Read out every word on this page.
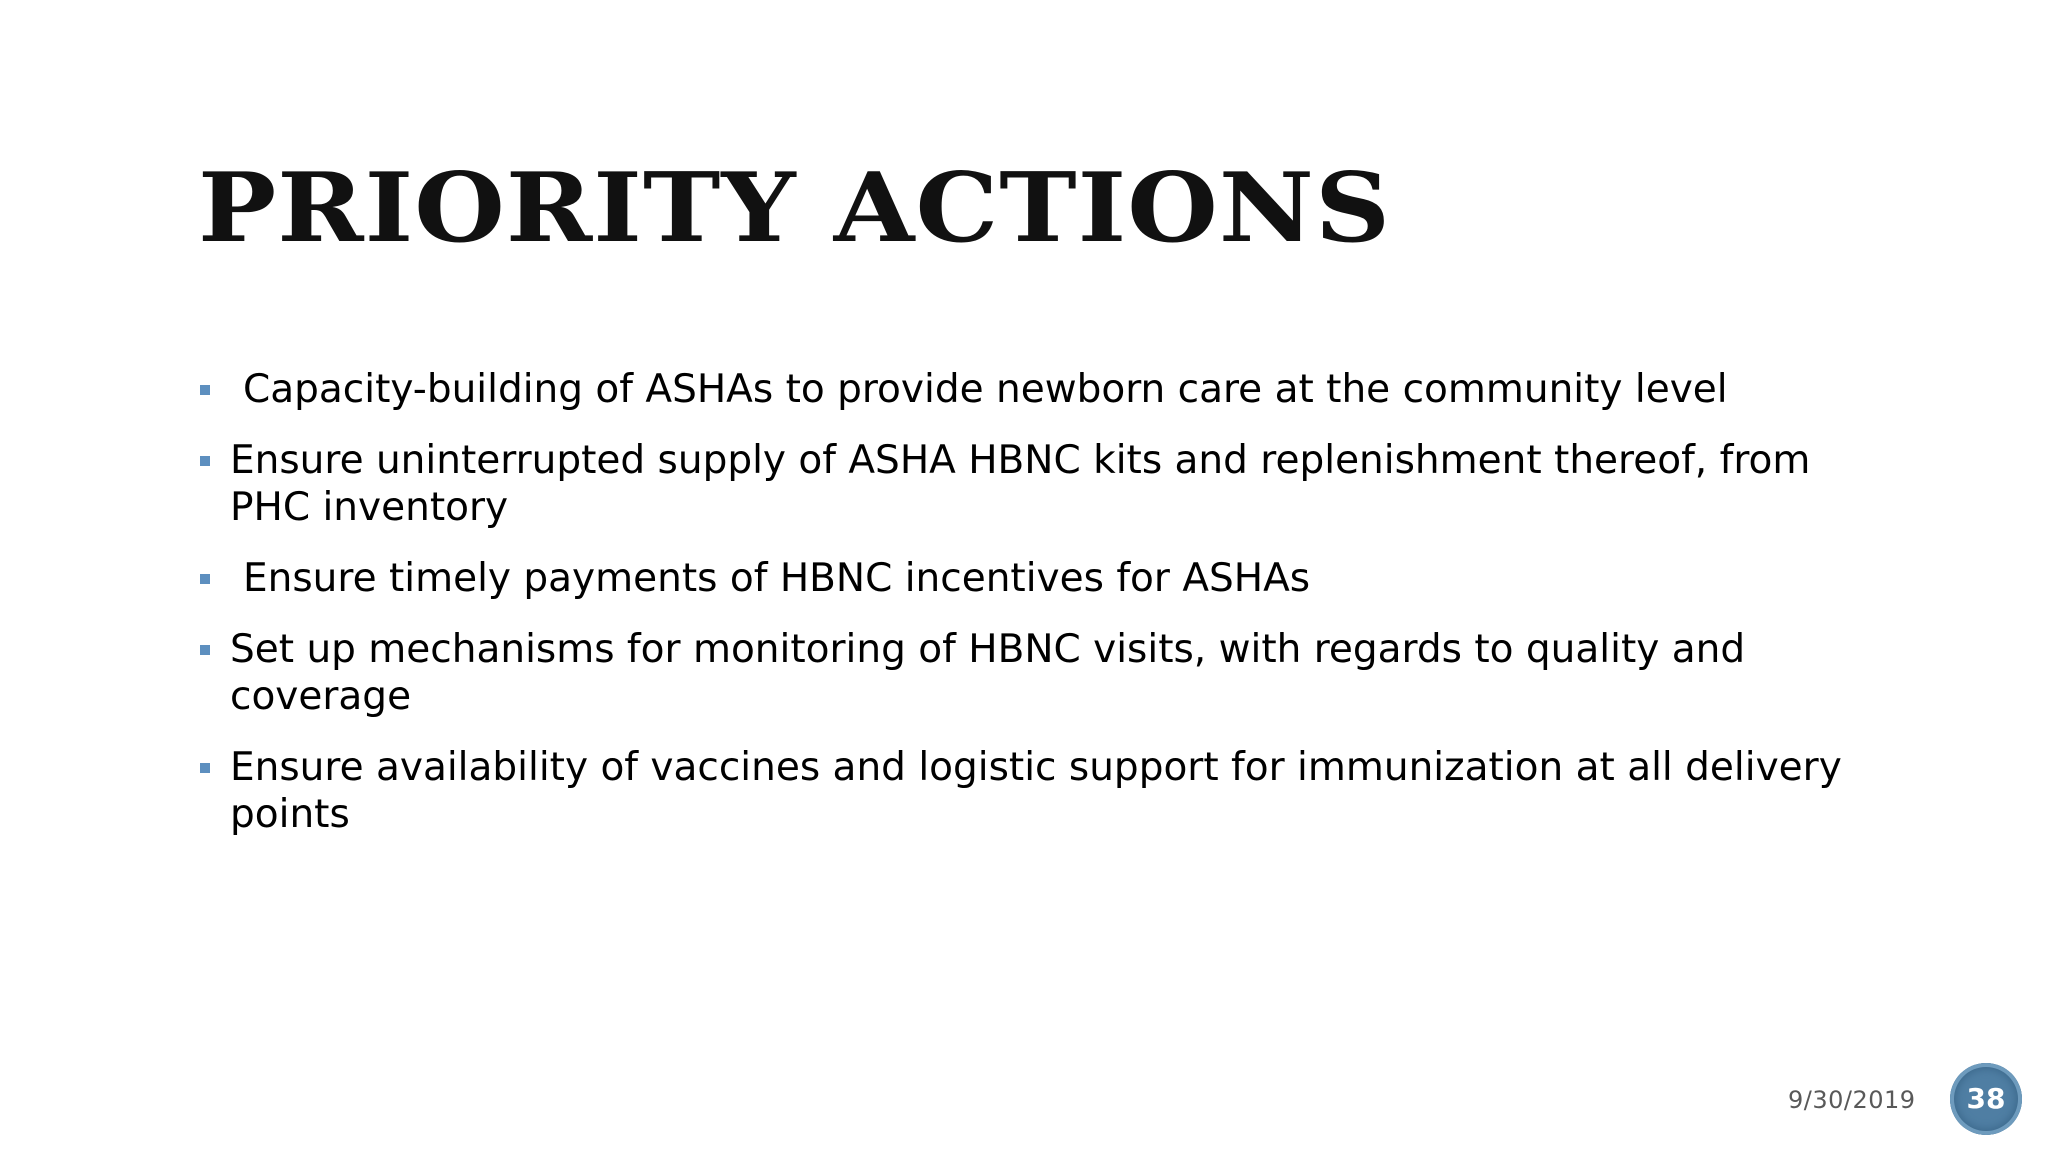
PRIORITY ACTIONS
Capacity-building of ASHAs to provide newborn care at the community level
Ensure uninterrupted supply of ASHA HBNC kits and replenishment thereof, from PHC inventory
Ensure timely payments of HBNC incentives for ASHAs
Set up mechanisms for monitoring of HBNC visits, with regards to quality and coverage
Ensure availability of vaccines and logistic support for immunization at all delivery points
9/30/2019 38
